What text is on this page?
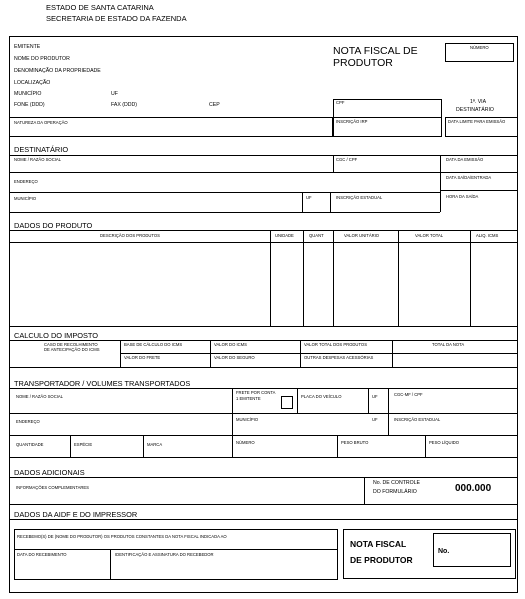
ESTADO DE SANTA CATARINA
SECRETARIA DE ESTADO DA FAZENDA
EMITENTE
NOME DO PRODUTOR
DENOMINAÇÃO DA PROPRIEDADE
LOCALIZAÇÃO
MUNICÍPIO	UF
FONE (DDD)	FAX (DDD)	CEP
NOTA FISCAL DE PRODUTOR
NÚMERO
1ª. VIA
DESTINATÁRIO
CPF
INSCRIÇÃO IRP
NATUREZA DA OPERAÇÃO	DATA LIMITE PARA EMISSÃO
DESTINATÁRIO
NOME / RAZÃO SOCIAL	CGC / CPF	DATA DA EMISSÃO
ENDEREÇO
DATA SAÍDA/ENTRADA
MUNICÍPIO	UF	INSCRIÇÃO ESTADUAL	HORA DA SAÍDA
DADOS DO PRODUTO
DESCRIÇÃO DOS PRODUTOS	UNIDADE	QUANT	VALOR UNITÁRIO	VALOR TOTAL	ALIQ. ICMS
CALCULO DO IMPOSTO
CASO DE RECOLHIMENTO
DE ANTECIPAÇÃO DO ICMS
BASE DE CÁLCULO DO ICMS	VALOR DO ICMS	VALOR TOTAL DOS PRODUTOS	TOTAL DA NOTA
VALOR DO FRETE	VALOR DO SEGURO	OUTRAS DESPESAS ACESSÓRIAS
TRANSPORTADOR / VOLUMES TRANSPORTADOS
NOME / RAZÃO SOCIAL
FRETE POR CONTA
1 EMITENTE	PLACA DO VEÍCULO	UF	CGC-MF / CPF
ENDEREÇO	MUNICÍPIO	UF	INSCRIÇÃO ESTADUAL
QUANTIDADE	ESPÉCIE	MARCA	NÚMERO	PESO BRUTO	PESO LÍQUIDO
DADOS ADICIONAIS
INFORMAÇÕES COMPLEMENTARES
No. DE CONTROLE
DO FORMULÁRIO	000.000
DADOS DA AIDF E DO IMPRESSOR
RECEBEMO(S) DE (NOME DO PRODUTOR) OS PRODUTOS CONSTANTES DA NOTA FISCAL INDICADA AO
DATA DO RECEBIMENTO	IDENTIFICAÇÃO E ASSINATURA DO RECEBEDOR
NOTA FISCAL
DE PRODUTOR
No.
